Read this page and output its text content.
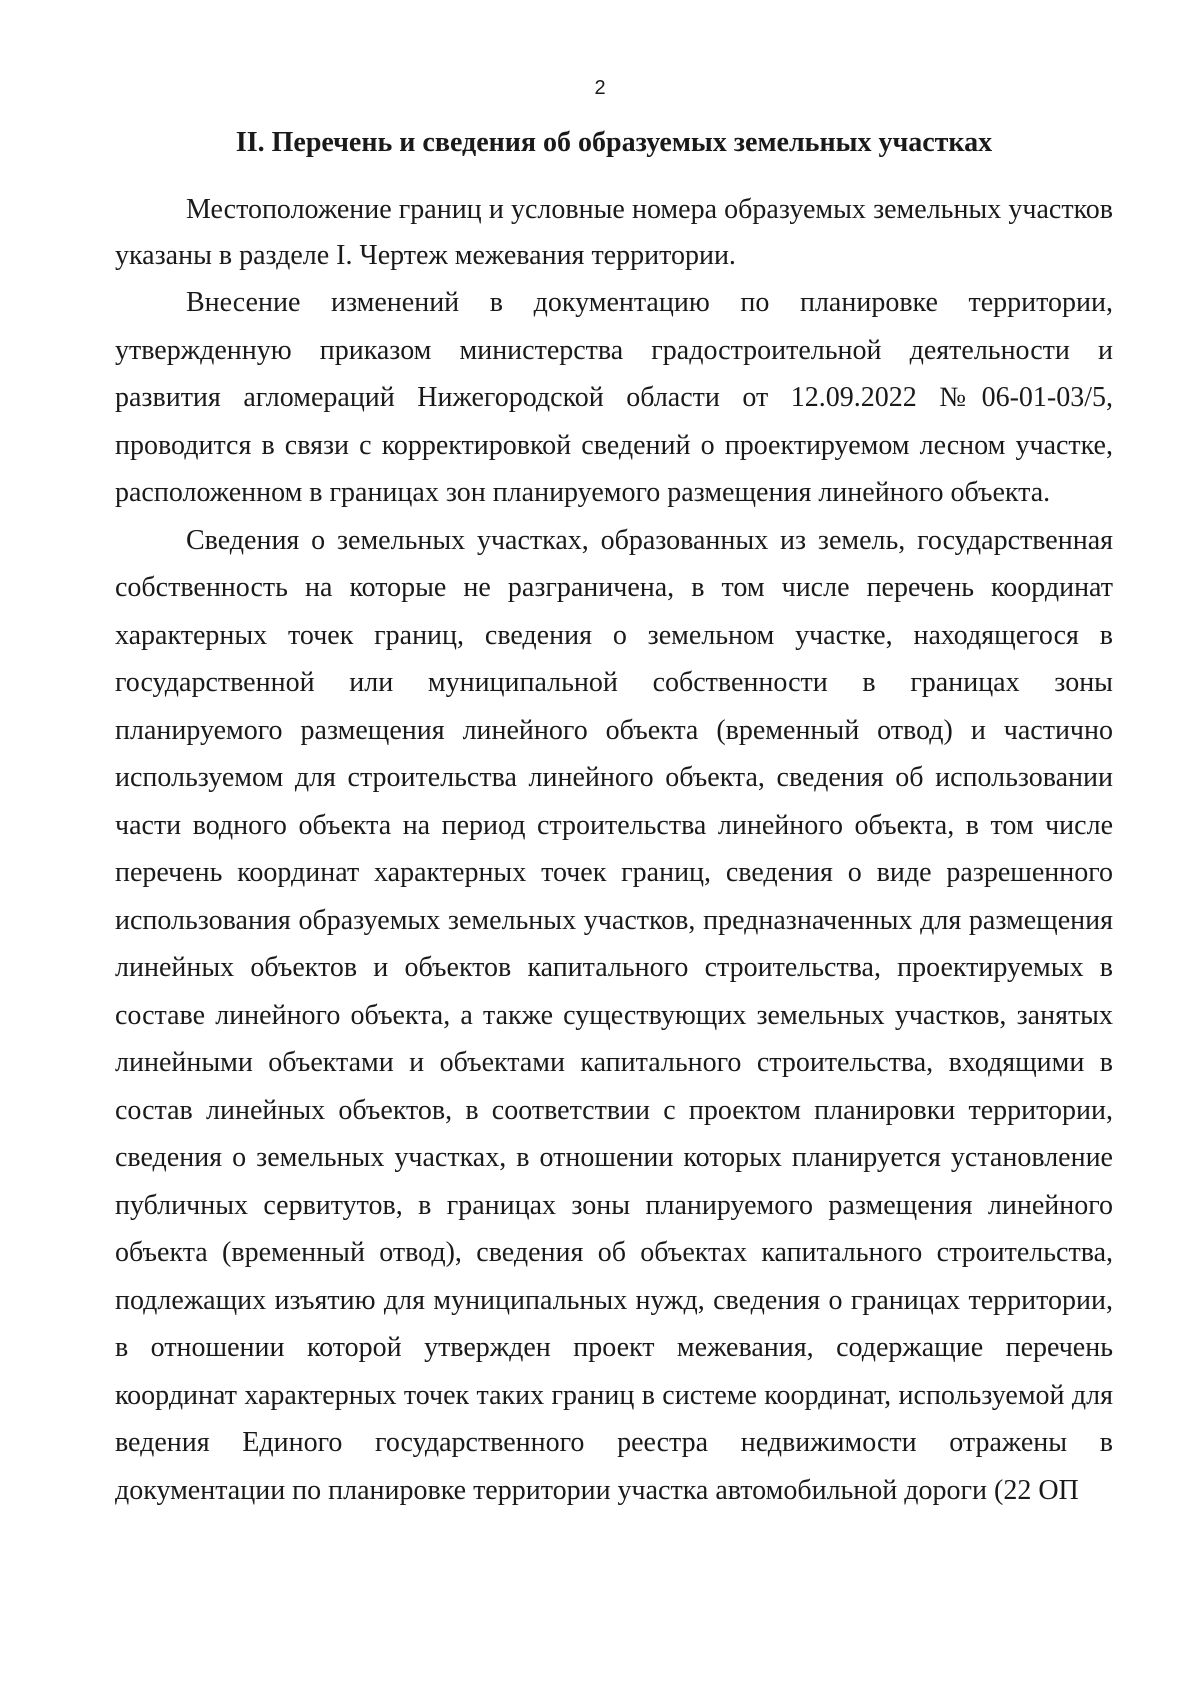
2

II. Перечень и сведения об образуемых земельных участках

Местоположение границ и условные номера образуемых земельных участков указаны в разделе I. Чертеж межевания территории.

Внесение изменений в документацию по планировке территории, утвержденную приказом министерства градостроительной деятельности и развития агломераций Нижегородской области от 12.09.2022 №06-01-03/5, проводится в связи с корректировкой сведений о проектируемом лесном участке, расположенном в границах зон планируемого размещения линейного объекта.

Сведения о земельных участках, образованных из земель, государственная собственность на которые не разграничена, в том числе перечень координат характерных точек границ, сведения о земельном участке, находящегося в государственной или муниципальной собственности в границах зоны планируемого размещения линейного объекта (временный отвод) и частично используемом для строительства линейного объекта, сведения об использовании части водного объекта на период строительства линейного объекта, в том числе перечень координат характерных точек границ, сведения о виде разрешенного использования образуемых земельных участков, предназначенных для размещения линейных объектов и объектов капитального строительства, проектируемых в составе линейного объекта, а также существующих земельных участков, занятых линейными объектами и объектами капитального строительства, входящими в состав линейных объектов, в соответствии с проектом планировки территории, сведения о земельных участках, в отношении которых планируется установление публичных сервитутов, в границах зоны планируемого размещения линейного объекта (временный отвод), сведения об объектах капитального строительства, подлежащих изъятию для муниципальных нужд, сведения о границах территории, в отношении которой утвержден проект межевания, содержащие перечень координат характерных точек таких границ в системе координат, используемой для ведения Единого государственного реестра недвижимости отражены в документации по планировке территории участка автомобильной дороги (22 ОП
